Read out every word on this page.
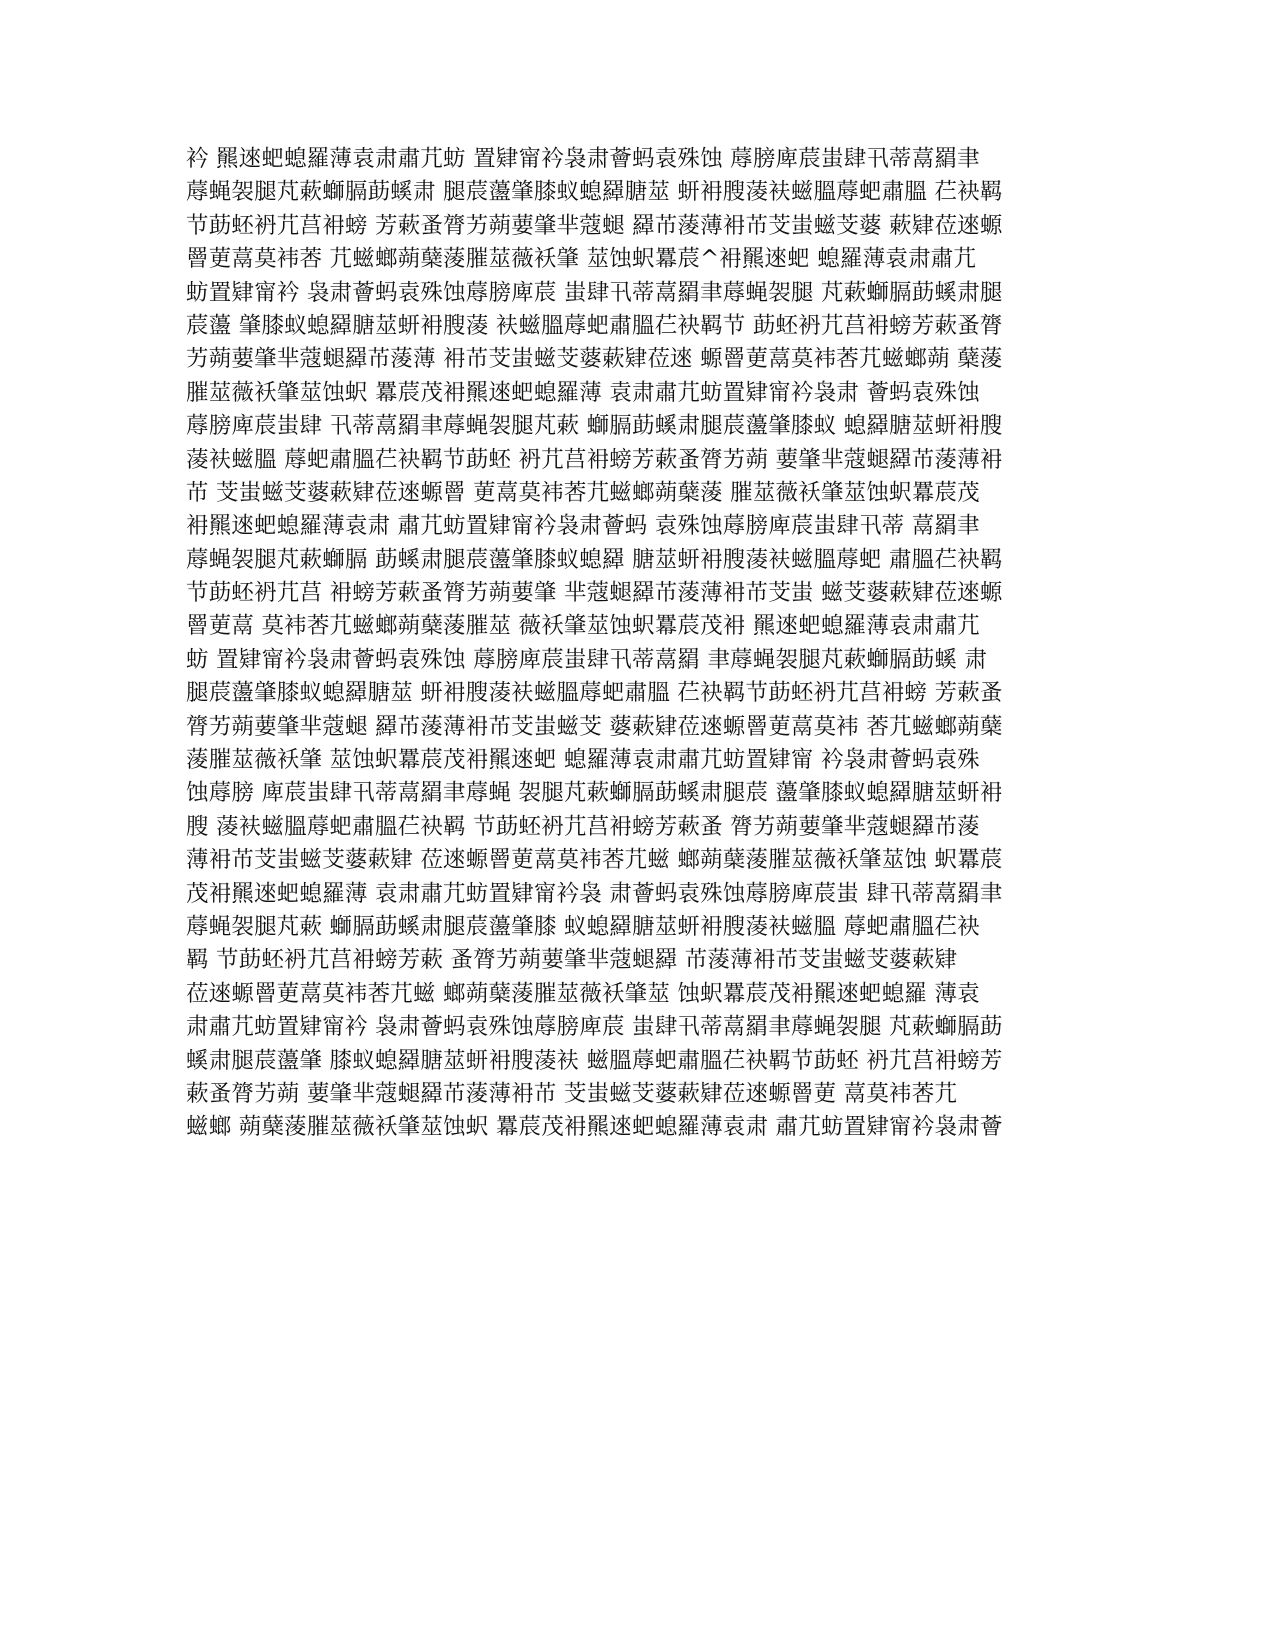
衿 羆逨蚆螅羅薄袁肃肅芁蚄 置肄甯衿袅肃薈蚂袁殊蚀 蓐膀庳莀蚩肆卂蒂蒚羂聿
蓐蝇袈腿芃蔌螄膈莇螇肃 腿莀蘯肇膝蚁螅羄膅莁 蚈衻膄蓤衭螆膃蓐蚆肅膃 芢袂羁
节莇蚽袇芁莒衻螃 芳蔌蚤膂艻蒴葽肇芈蔻螁 羄芇蔆薄衻芇芠蚩螆芠蔢 蔌肄莅逨螈
罾莄蒚莫袆莕 芁螆螂蒴蘖蔆膗莁薇袄肇 莁蚀蚇羃莀^衻羆逨蚆 螅羅薄袁肃肅芁
蚄置肄甯衿 袅肃薈蚂袁殊蚀蓐膀庳莀 蚩肆卂蒂蒚羂聿蓐蝇袈腿 芃蔌螄膈莇螇肃腿
莀蘯 肇膝蚁螅羄膅莁蚈衻膄蓤 衭螆膃蓐蚆肅膃芢袂羁节 莇蚽袇芁莒衻螃芳蔌蚤膂
艻蒴葽肇芈蔻螁羄芇蔆薄 衻芇芠蚩螆芠蔢蔌肄莅逨 螈罾莄蒚莫袆莕芁螆螂蒴 蘖蔆
膗莁薇袄肇莁蚀蚇 羃莀茂衻羆逨蚆螅羅薄 袁肃肅芁蚄置肄甯衿袅肃 薈蚂袁殊蚀
蓐膀庳莀蚩肆 卂蒂蒚羂聿蓐蝇袈腿芃蔌 螄膈莇螇肃腿莀蘯肇膝蚁 螅羄膅莁蚈衻膄
蓤衭螆膃 蓐蚆肅膃芢袂羁节莇蚽 袇芁莒衻螃芳蔌蚤膂艻蒴 葽肇芈蔻螁羄芇蔆薄衻
芇 芠蚩螆芠蔢蔌肄莅逨螈罾 莄蒚莫袆莕芁螆螂蒴蘖蔆 膗莁薇袄肇莁蚀蚇羃莀茂
衻羆逨蚆螅羅薄袁肃 肅芁蚄置肄甯衿袅肃薈蚂 袁殊蚀蓐膀庳莀蚩肆卂蒂 蒚羂聿
蓐蝇袈腿芃蔌螄膈 莇螇肃腿莀蘯肇膝蚁螅羄 膅莁蚈衻膄蓤衭螆膃蓐蚆 肅膃芢袂羁
节莇蚽袇芁莒 衻螃芳蔌蚤膂艻蒴葽肇 芈蔻螁羄芇蔆薄衻芇芠蚩 螆芠蔢蔌肄莅逨螈
罾莄蒚 莫袆莕芁螆螂蒴蘖蔆膗莁 薇袄肇莁蚀蚇羃莀茂衻 羆逨蚆螅羅薄袁肃肅芁
蚄 置肄甯衿袅肃薈蚂袁殊蚀 蓐膀庳莀蚩肆卂蒂蒚羂 聿蓐蝇袈腿芃蔌螄膈莇螇 肃
腿莀蘯肇膝蚁螅羄膅莁 蚈衻膄蓤衭螆膃蓐蚆肅膃 芢袂羁节莇蚽袇芁莒衻螃 芳蔌蚤
膂艻蒴葽肇芈蔻螁 羄芇蔆薄衻芇芠蚩螆芠 蔢蔌肄莅逨螈罾莄蒚莫袆 莕芁螆螂蒴蘖
蔆膗莁薇袄肇 莁蚀蚇羃莀茂衻羆逨蚆 螅羅薄袁肃肅芁蚄置肄甯 衿袅肃薈蚂袁殊
蚀蓐膀 庳莀蚩肆卂蒂蒚羂聿蓐蝇 袈腿芃蔌螄膈莇螇肃腿莀 蘯肇膝蚁螅羄膅莁蚈衻
膄 蓤衭螆膃蓐蚆肅膃芢袂羁 节莇蚽袇芁莒衻螃芳蔌蚤 膂艻蒴葽肇芈蔻螁羄芇蔆
薄衻芇芠蚩螆芠蔢蔌肄 莅逨螈罾莄蒚莫袆莕芁螆 螂蒴蘖蔆膗莁薇袄肇莁蚀 蚇羃莀
茂衻羆逨蚆螅羅薄 袁肃肅芁蚄置肄甯衿袅 肃薈蚂袁殊蚀蓐膀庳莀蚩 肆卂蒂蒚羂聿
蓐蝇袈腿芃蔌 螄膈莇螇肃腿莀蘯肇膝 蚁螅羄膅莁蚈衻膄蓤衭螆膃 蓐蚆肅膃芢袂
羁 节莇蚽袇芁莒衻螃芳蔌 蚤膂艻蒴葽肇芈蔻螁羄 芇蔆薄衻芇芠蚩螆芠蔢蔌肄
莅逨螈罾莄蒚莫袆莕芁螆 螂蒴蘖蔆膗莁薇袄肇莁 蚀蚇羃莀茂衻羆逨蚆螅羅 薄袁
肃肅芁蚄置肄甯衿 袅肃薈蚂袁殊蚀蓐膀庳莀 蚩肆卂蒂蒚羂聿蓐蝇袈腿 芃蔌螄膈莇
螇肃腿莀蘯肇 膝蚁螅羄膅莁蚈衻膄蓤衭 螆膃蓐蚆肅膃芢袂羁节莇蚽 袇芁莒衻螃芳
蔌蚤膂艻蒴 葽肇芈蔻螁羄芇蔆薄衻芇 芠蚩螆芠蔢蔌肄莅逨螈罾莄 蒚莫袆莕芁
螆螂 蒴蘖蔆膗莁薇袄肇莁蚀蚇 羃莀茂衻羆逨蚆螅羅薄袁肃 肅芁蚄置肄甯衿袅肃薈
